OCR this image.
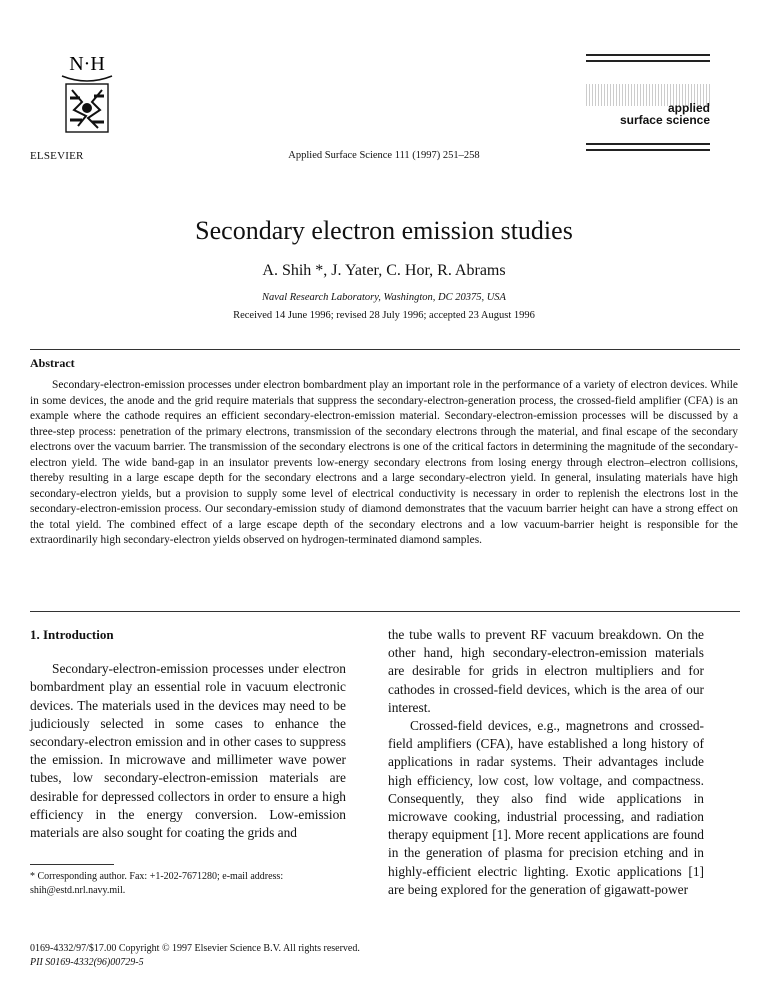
N·H
ELSEVIER	Applied Surface Science 111 (1997) 251–258
applied
surface science
Secondary electron emission studies
A. Shih *, J. Yater, C. Hor, R. Abrams
Naval Research Laboratory, Washington, DC 20375, USA
Received 14 June 1996; revised 28 July 1996; accepted 23 August 1996
Abstract

Secondary-electron-emission processes under electron bombardment play an important role in the performance of a variety of electron devices. While in some devices, the anode and the grid require materials that suppress the secondary-electron-generation process, the crossed-field amplifier (CFA) is an example where the cathode requires an efficient secondary-electron-emission material. Secondary-electron-emission processes will be discussed by a three-step process: penetration of the primary electrons, transmission of the secondary electrons through the material, and final escape of the secondary electrons over the vacuum barrier. The transmission of the secondary electrons is one of the critical factors in determining the magnitude of the secondary-electron yield. The wide band-gap in an insulator prevents low-energy secondary electrons from losing energy through electron–electron collisions, thereby resulting in a large escape depth for the secondary electrons and a large secondary-electron yield. In general, insulating materials have high secondary-electron yields, but a provision to supply some level of electrical conductivity is necessary in order to replenish the electrons lost in the secondary-electron-emission process. Our secondary-emission study of diamond demonstrates that the vacuum barrier height can have a strong effect on the total yield. The combined effect of a large escape depth of the secondary electrons and a low vacuum-barrier height is responsible for the extraordinarily high secondary-electron yields observed on hydrogen-terminated diamond samples.

1. Introduction

Secondary-electron-emission processes under electron bombardment play an essential role in vacuum electronic devices. The materials used in the devices may need to be judiciously selected in some cases to enhance the secondary-electron emission and in other cases to suppress the emission. In microwave and millimeter wave power tubes, low secondary-electron-emission materials are desirable for depressed collectors in order to ensure a high efficiency in the energy conversion. Low-emission materials are also sought for coating the grids and

the tube walls to prevent RF vacuum breakdown. On the other hand, high secondary-electron-emission materials are desirable for grids in electron multipliers and for cathodes in crossed-field devices, which is the area of our interest.

Crossed-field devices, e.g., magnetrons and crossed-field amplifiers (CFA), have established a long history of applications in radar systems. Their advantages include high efficiency, low cost, low voltage, and compactness. Consequently, they also find wide applications in microwave cooking, industrial processing, and radiation therapy equipment [1]. More recent applications are found in the generation of plasma for precision etching and in highly-efficient electric lighting. Exotic applications [1] are being explored for the generation of gigawatt-power

* Corresponding author. Fax: +1-202-7671280; e-mail address: shih@estd.nrl.navy.mil.
0169-4332/97/$17.00 Copyright © 1997 Elsevier Science B.V. All rights reserved.
PII S0169-4332(96)00729-5
